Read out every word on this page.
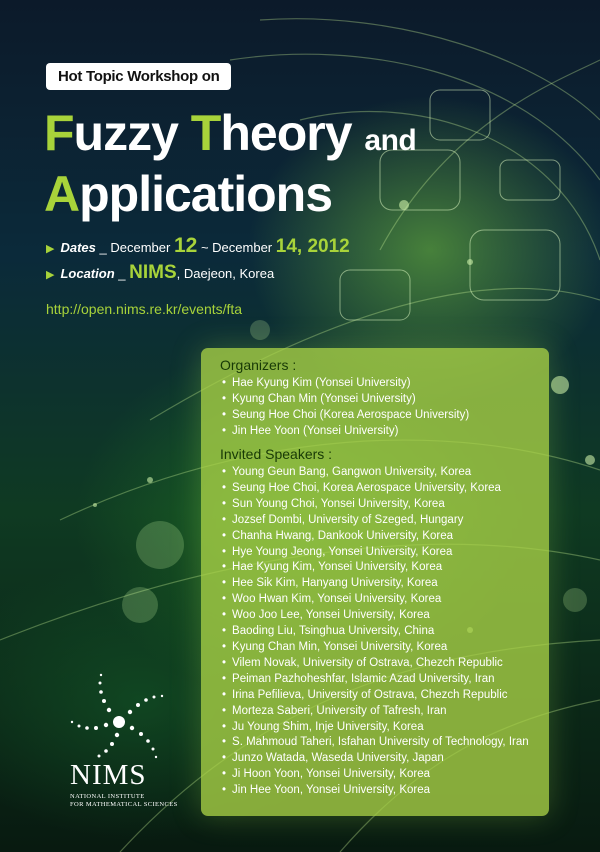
Hot Topic Workshop on
Fuzzy Theory and
Applications
▶ Dates _ December 12 ~ December 14, 2012
▶ Location _ NIMS, Daejeon, Korea
http://open.nims.re.kr/events/fta
Organizers :
• Hae Kyung Kim (Yonsei University)
• Kyung Chan Min (Yonsei University)
• Seung Hoe Choi (Korea Aerospace University)
• Jin Hee Yoon (Yonsei University)
Invited Speakers :
• Young Geun Bang, Gangwon University, Korea
• Seung Hoe Choi, Korea Aerospace University, Korea
• Sun Young Choi, Yonsei University, Korea
• Jozsef Dombi, University of Szeged, Hungary
• Chanha Hwang, Dankook University, Korea
• Hye Young Jeong, Yonsei University, Korea
• Hae Kyung Kim, Yonsei University, Korea
• Hee Sik Kim, Hanyang University, Korea
• Woo Hwan Kim, Yonsei University, Korea
• Woo Joo Lee, Yonsei University, Korea
• Baoding Liu, Tsinghua University, China
• Kyung Chan Min, Yonsei University, Korea
• Vilem Novak, University of Ostrava, Chezch Republic
• Peiman Pazhoheshfar, Islamic Azad University, Iran
• Irina Pefilieva, University of Ostrava, Chezch Republic
• Morteza Saberi, University of Tafresh, Iran
• Ju Young Shim, Inje University, Korea
• S. Mahmoud Taheri, Isfahan University of Technology, Iran
• Junzo Watada, Waseda University, Japan
• Ji Hoon Yoon, Yonsei University, Korea
• Jin Hee Yoon, Yonsei University, Korea
NIMS
NATIONAL INSTITUTE
FOR MATHEMATICAL SCIENCES
